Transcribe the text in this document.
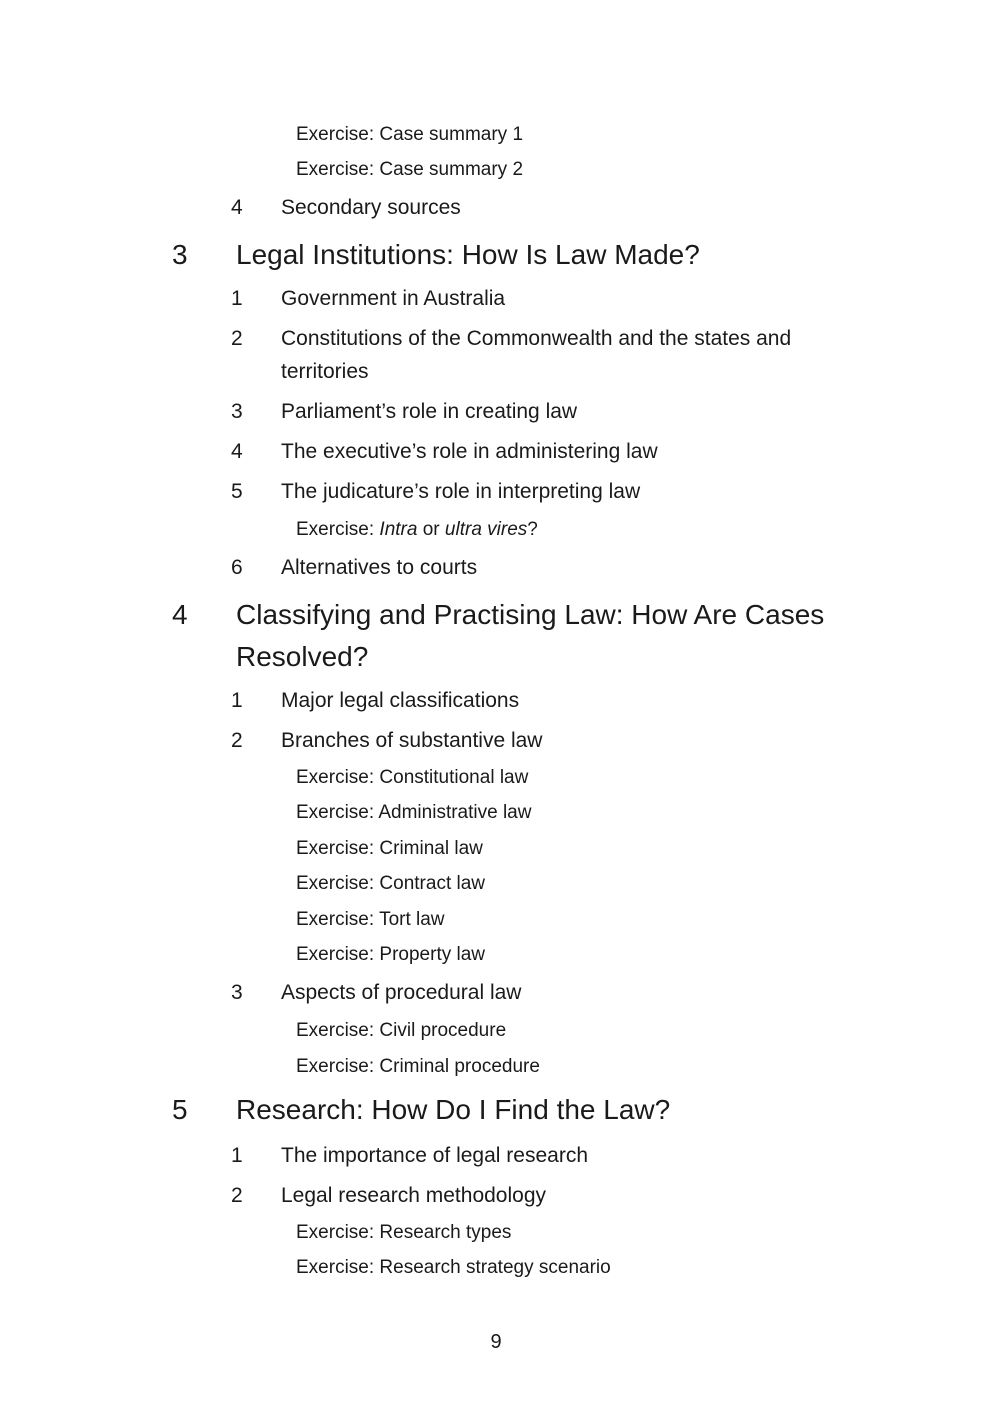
Exercise: Case summary 1
Exercise: Case summary 2
4 Secondary sources
3 Legal Institutions: How Is Law Made?
1 Government in Australia
2 Constitutions of the Commonwealth and the states and
territories
3 Parliament’s role in creating law
4 The executive’s role in administering law
5 The judicature’s role in interpreting law
Exercise: Intra or ultra vires?
6 Alternatives to courts
4 Classifying and Practising Law: How Are Cases
Resolved?
1 Major legal classifications
2 Branches of substantive law
Exercise: Constitutional law
Exercise: Administrative law
Exercise: Criminal law
Exercise: Contract law
Exercise: Tort law
Exercise: Property law
3 Aspects of procedural law
Exercise: Civil procedure
Exercise: Criminal procedure
5 Research: How Do I Find the Law?
1 The importance of legal research
2 Legal research methodology
Exercise: Research types
Exercise: Research strategy scenario
9
